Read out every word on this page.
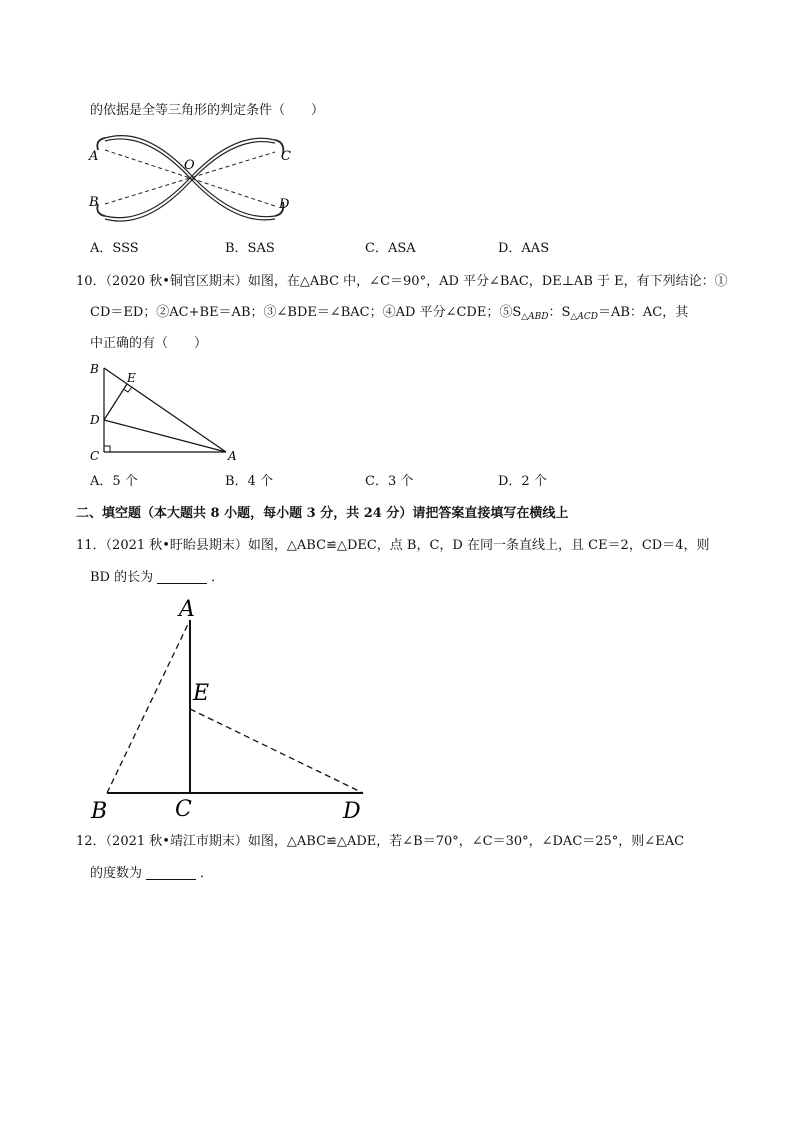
的依据是全等三角形的判定条件（　　）
A
B
C
D
O
A．SSS	B．SAS	C．ASA	D．AAS
10．（2020 秋•铜官区期末）如图，在△ABC 中，∠C＝90°，AD 平分∠BAC，DE⊥AB 于 E，有下列结论：①
CD＝ED；②AC+BE＝AB；③∠BDE＝∠BAC；④AD 平分∠CDE；$⑤S_{\triangle ABD}$：$S_{\triangle ACD}=AB$：AC，其
中正确的有（　　）
B
E
D
C	A
A．5 个	B．4 个	C．3 个	D．2 个
二、填空题（本大题共 8 小题，每小题 3 分，共 24 分）请把答案直接填写在横线上
11．（2021 秋•盱眙县期末）如图，△ABC≌△DEC，点 B，C，D 在同一条直线上，且 CE＝2，CD＝4，则
BD 的长为	．
A
E
B	C	D
12．（2021 秋•靖江市期末）如图，△ABC≌△ADE，若∠B＝70°，∠C＝30°，∠DAC＝25°，则∠EAC
的度数为	．
